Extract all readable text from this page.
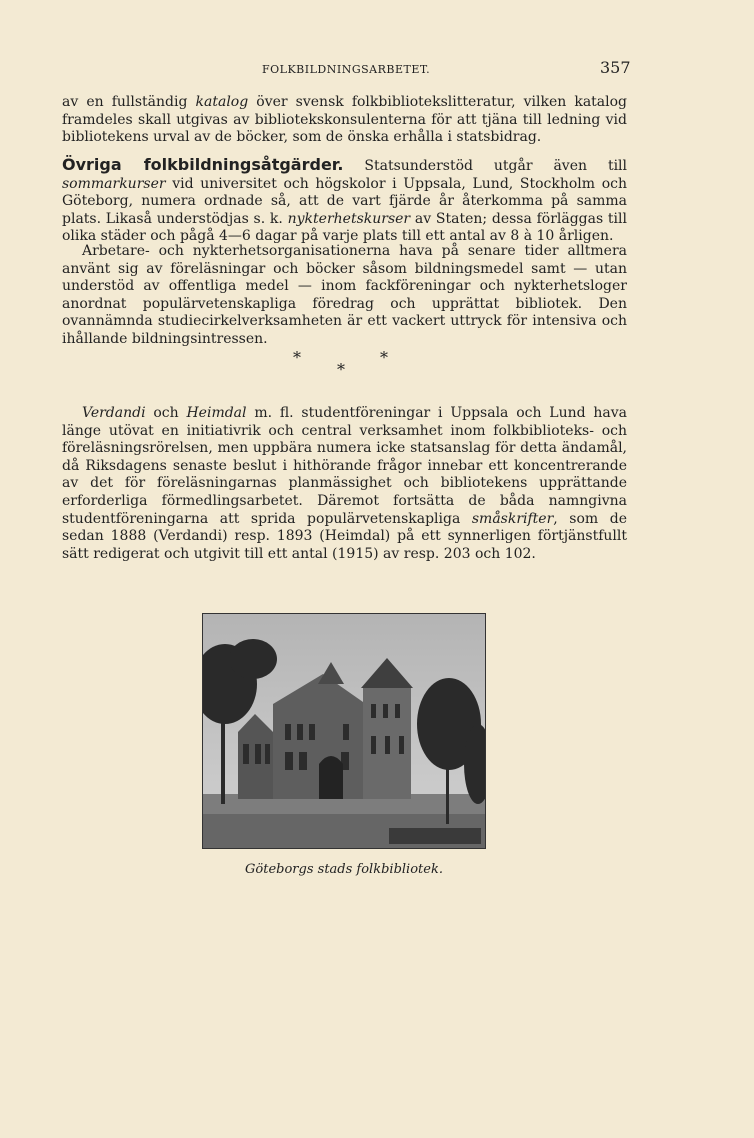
FOLKBILDNINGSARBETET.	357

av en fullständig katalog över svensk folkbibliotekslitteratur, vilken katalog framdeles skall utgivas av bibliotekskonsulenterna för att tjäna till ledning vid bibliotekens urval av de böcker, som de önska erhålla i statsbidrag.

Övriga folkbildningsåtgärder. Statsunderstöd utgår även till sommarkurser vid universitet och högskolor i Uppsala, Lund, Stockholm och Göteborg, numera ordnade så, att de vart fjärde år återkomma på samma plats. Likaså understödjas s. k. nykterhetskurser av Staten; dessa förläggas till olika städer och pågå 4—6 dagar på varje plats till ett antal av 8 à 10 årligen.

Arbetare- och nykterhetsorganisationerna hava på senare tider alltmera använt sig av föreläsningar och böcker såsom bildningsmedel samt — utan understöd av offentliga medel — inom fackföreningar och nykterhetsloger anordnat populärvetenskapliga föredrag och upprättat bibliotek. Den ovannämnda studiecirkelverksamheten är ett vackert uttryck för intensiva och ihållande bildningsintressen.

*	*
*

Verdandi och Heimdal m. fl. studentföreningar i Uppsala och Lund hava länge utövat en initiativrik och central verksamhet inom folkbiblioteks- och föreläsningsrörelsen, men uppbära numera icke statsanslag för detta ändamål, då Riksdagens senaste beslut i hithörande frågor innebar ett koncentrerande av det för föreläsningarnas planmässighet och bibliotekens upprättande erforderliga förmedlingsarbetet. Däremot fortsätta de båda namngivna studentföreningarna att sprida populärvetenskapliga småskrifter, som de sedan 1888 (Verdandi) resp. 1893 (Heimdal) på ett synnerligen förtjänstfullt sätt redigerat och utgivit till ett antal (1915) av resp. 203 och 102.

Göteborgs stads folkbibliotek.
